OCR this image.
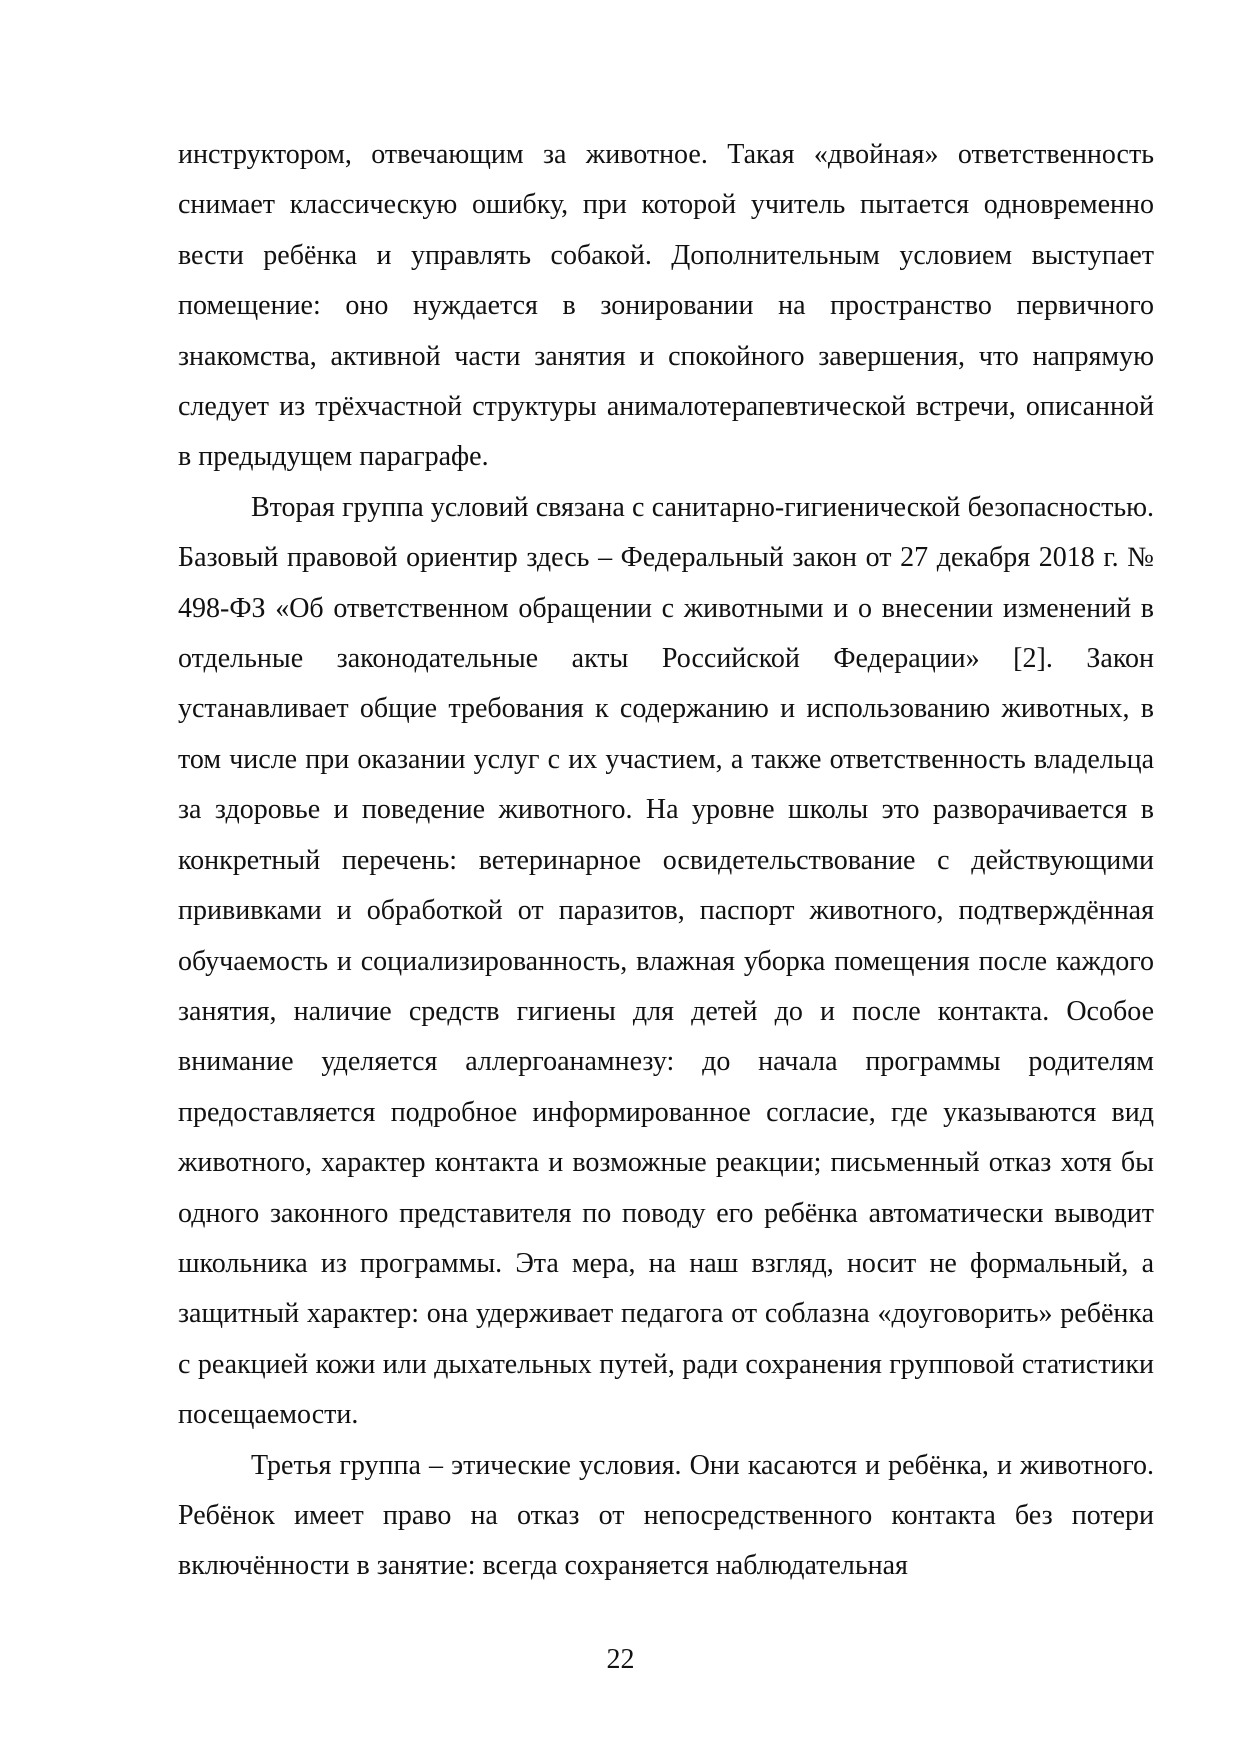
инструктором, отвечающим за животное. Такая «двойная» ответственность снимает классическую ошибку, при которой учитель пытается одновременно вести ребёнка и управлять собакой. Дополнительным условием выступает помещение: оно нуждается в зонировании на пространство первичного знакомства, активной части занятия и спокойного завершения, что напрямую следует из трёхчастной структуры анималотерапевтической встречи, описанной в предыдущем параграфе.

Вторая группа условий связана с санитарно-гигиенической безопасностью. Базовый правовой ориентир здесь – Федеральный закон от 27 декабря 2018 г. № 498-ФЗ «Об ответственном обращении с животными и о внесении изменений в отдельные законодательные акты Российской Федерации» [2]. Закон устанавливает общие требования к содержанию и использованию животных, в том числе при оказании услуг с их участием, а также ответственность владельца за здоровье и поведение животного. На уровне школы это разворачивается в конкретный перечень: ветеринарное освидетельствование с действующими прививками и обработкой от паразитов, паспорт животного, подтверждённая обучаемость и социализированность, влажная уборка помещения после каждого занятия, наличие средств гигиены для детей до и после контакта. Особое внимание уделяется аллергоанамнезу: до начала программы родителям предоставляется подробное информированное согласие, где указываются вид животного, характер контакта и возможные реакции; письменный отказ хотя бы одного законного представителя по поводу его ребёнка автоматически выводит школьника из программы. Эта мера, на наш взгляд, носит не формальный, а защитный характер: она удерживает педагога от соблазна «доуговорить» ребёнка с реакцией кожи или дыхательных путей, ради сохранения групповой статистики посещаемости.

Третья группа – этические условия. Они касаются и ребёнка, и животного. Ребёнок имеет право на отказ от непосредственного контакта без потери включённости в занятие: всегда сохраняется наблюдательная

22
